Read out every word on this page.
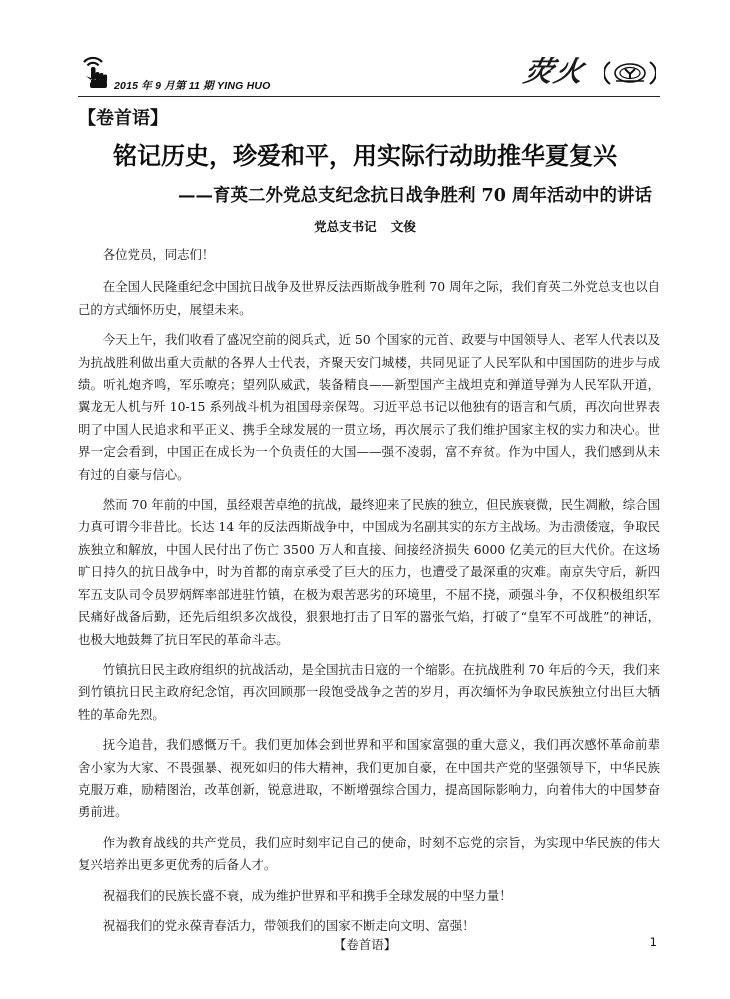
2015 年 9 月第 11 期 YING HUO	荧火
【卷首语】
铭记历史，珍爱和平，用实际行动助推华夏复兴
——育英二外党总支纪念抗日战争胜利 70 周年活动中的讲话
党总支书记 文俊

各位党员，同志们！

在全国人民隆重纪念中国抗日战争及世界反法西斯战争胜利 70 周年之际，我们育英二外党总支也以自己的方式缅怀历史，展望未来。

今天上午，我们收看了盛况空前的阅兵式，近 50 个国家的元首、政要与中国领导人、老军人代表以及为抗战胜利做出重大贡献的各界人士代表，齐聚天安门城楼，共同见证了人民军队和中国国防的进步与成绩。听礼炮齐鸣，军乐嘹亮；望列队威武，装备精良——新型国产主战坦克和弹道导弹为人民军队开道，翼龙无人机与歼 10-15 系列战斗机为祖国母亲保驾。习近平总书记以他独有的语言和气质，再次向世界表明了中国人民追求和平正义、携手全球发展的一贯立场，再次展示了我们维护国家主权的实力和决心。世界一定会看到，中国正在成长为一个负责任的大国——强不凌弱，富不弃贫。作为中国人，我们感到从未有过的自豪与信心。

然而 70 年前的中国，虽经艰苦卓绝的抗战，最终迎来了民族的独立，但民族衰微，民生凋敝，综合国力真可谓今非昔比。长达 14 年的反法西斯战争中，中国成为名副其实的东方主战场。为击溃倭寇，争取民族独立和解放，中国人民付出了伤亡 3500 万人和直接、间接经济损失 6000 亿美元的巨大代价。在这场旷日持久的抗日战争中，时为首都的南京承受了巨大的压力，也遭受了最深重的灾难。南京失守后，新四军五支队司令员罗炳辉率部进驻竹镇，在极为艰苦恶劣的环境里，不屈不挠，顽强斗争，不仅积极组织军民痛好战备后勤，还先后组织多次战役，狠狠地打击了日军的嚣张气焰，打破了“皇军不可战胜”的神话，也极大地鼓舞了抗日军民的革命斗志。

竹镇抗日民主政府组织的抗战活动，是全国抗击日寇的一个缩影。在抗战胜利 70 年后的今天，我们来到竹镇抗日民主政府纪念馆，再次回顾那一段饱受战争之苦的岁月，再次缅怀为争取民族独立付出巨大牺牲的革命先烈。

抚今追昔，我们感慨万千。我们更加体会到世界和平和国家富强的重大意义，我们再次感怀革命前辈舍小家为大家、不畏强暴、视死如归的伟大精神，我们更加自豪，在中国共产党的坚强领导下，中华民族克服万难，励精图治，改革创新，锐意进取，不断增强综合国力，提高国际影响力，向着伟大的中国梦奋勇前进。

作为教育战线的共产党员，我们应时刻牢记自己的使命，时刻不忘党的宗旨，为实现中华民族的伟大复兴培养出更多更优秀的后备人才。

祝福我们的民族长盛不衰，成为维护世界和平和携手全球发展的中坚力量！

祝福我们的党永葆青春活力，带领我们的国家不断走向文明、富强！

【卷首语】	1
